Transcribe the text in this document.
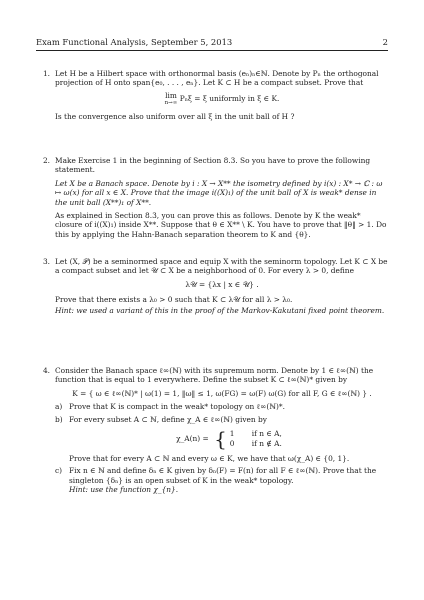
Exam Functional Analysis, September 5, 2013	2
1. Let H be a Hilbert space with orthonormal basis (eₙ)ₙ∈ℕ. Denote by Pₙ the orthogonal projection of H onto span{e₀, . . . , eₙ}. Let K ⊂ H be a compact subset. Prove that

lim
n→∞ Pₙξ = ξ uniformly in ξ ∈ K.

Is the convergence also uniform over all ξ in the unit ball of H ?

2. Make Exercise 1 in the beginning of Section 8.3. So you have to prove the following statement.

Let X be a Banach space. Denote by i : X → X** the isometry defined by i(x) : X* → ℂ : ω ↦ ω(x) for all x ∈ X. Prove that the image i((X)₁) of the unit ball of X is weak* dense in the unit ball (X**)₁ of X**.

As explained in Section 8.3, you can prove this as follows. Denote by K the weak* closure of i((X)₁) inside X**. Suppose that θ ∈ X** \ K. You have to prove that ‖θ‖ > 1. Do this by applying the Hahn-Banach separation theorem to K and {θ}.

3. Let (X, 𝒫) be a seminormed space and equip X with the seminorm topology. Let K ⊂ X be a compact subset and let 𝒰 ⊂ X be a neighborhood of 0. For every λ > 0, define

λ𝒰 = {λx | x ∈ 𝒰} .

Prove that there exists a λ₀ > 0 such that K ⊂ λ𝒰 for all λ > λ₀.

Hint: we used a variant of this in the proof of the Markov-Kakutani fixed point theorem.

4. Consider the Banach space ℓ∞(ℕ) with its supremum norm. Denote by 1 ∈ ℓ∞(ℕ) the function that is equal to 1 everywhere. Define the subset K ⊂ ℓ∞(ℕ)* given by

K = { ω ∈ ℓ∞(ℕ)* | ω(1) = 1, ‖ω‖ ≤ 1, ω(FG) = ω(F) ω(G) for all F, G ∈ ℓ∞(ℕ) } .
a) Prove that K is compact in the weak* topology on ℓ∞(ℕ)*.
b) For every subset A ⊂ ℕ, define χ_A ∈ ℓ∞(ℕ) given by
χ_A(n) = { 1 if n ∈ A,
0 if n ∉ A.
Prove that for every A ⊂ ℕ and every ω ∈ K, we have that ω(χ_A) ∈ {0, 1}.
c) Fix n ∈ ℕ and define δₙ ∈ K given by δₙ(F) = F(n) for all F ∈ ℓ∞(ℕ). Prove that the singleton {δₙ} is an open subset of K in the weak* topology.
Hint: use the function χ_{n}.
